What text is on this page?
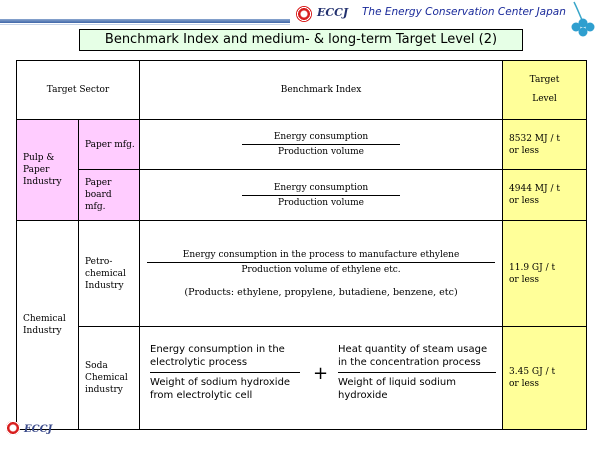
ECCJ The Energy Conservation Center Japan
Benchmark Index and medium- & long-term Target Level (2)
Target Sector		Benchmark Index	Target Level

Pulp & Paper Industry	Paper mfg.	Energy consumption
Production volume	8532 MJ / t or less

	Paper board mfg.	Energy consumption
Production volume	4944 MJ / t or less

Chemical Industry	Petro-chemical Industry	Energy consumption in the process to manufacture ethylene
Production volume of ethylene etc.
(Products: ethylene, propylene, butadiene, benzene, etc)	11.9 GJ / t or less

	Soda Chemical industry	Energy consumption in the electrolytic process
Weight of sodium hydroxide from electrolytic cell
+
Heat quantity of steam usage in the concentration process
Weight of liquid sodium hydroxide	3.45 GJ / t or less
ECCJ
